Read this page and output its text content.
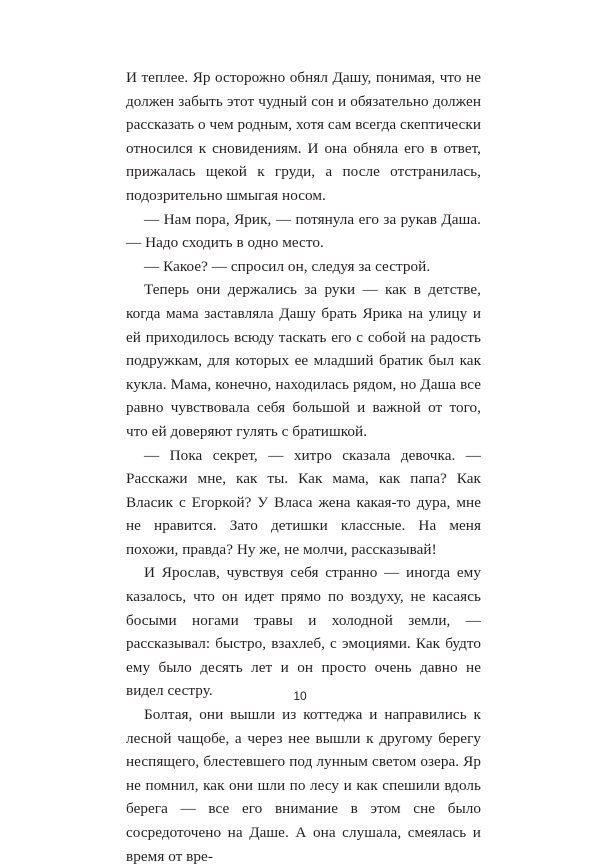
И теплее. Яр осторожно обнял Дашу, понимая, что не должен забыть этот чудный сон и обязательно должен рассказать о чем родным, хотя сам всегда скептически относился к сновидениям. И она обняла его в ответ, прижалась щекой к груди, а после отстранилась, подозрительно шмыгая носом.

— Нам пора, Ярик, — потянула его за рукав Даша. — Надо сходить в одно место.

— Какое? — спросил он, следуя за сестрой.

Теперь они держались за руки — как в детстве, когда мама заставляла Дашу брать Ярика на улицу и ей приходилось всюду таскать его с собой на радость подружкам, для которых ее младший братик был как кукла. Мама, конечно, находилась рядом, но Даша все равно чувствовала себя большой и важной от того, что ей доверяют гулять с братишкой.

— Пока секрет, — хитро сказала девочка. — Расскажи мне, как ты. Как мама, как папа? Как Власик с Егоркой? У Власа жена какая-то дура, мне не нравится. Зато детишки классные. На меня похожи, правда? Ну же, не молчи, рассказывай!

И Ярослав, чувствуя себя странно — иногда ему казалось, что он идет прямо по воздуху, не касаясь босыми ногами травы и холодной земли, — рассказывал: быстро, взахлеб, с эмоциями. Как будто ему было десять лет и он просто очень давно не видел сестру.

Болтая, они вышли из коттеджа и направились к лесной чащобе, а через нее вышли к другому берегу неспящего, блестевшего под лунным светом озера. Яр не помнил, как они шли по лесу и как спешили вдоль берега — все его внимание в этом сне было сосредоточено на Даше. А она слушала, смеялась и время от вре-

10
